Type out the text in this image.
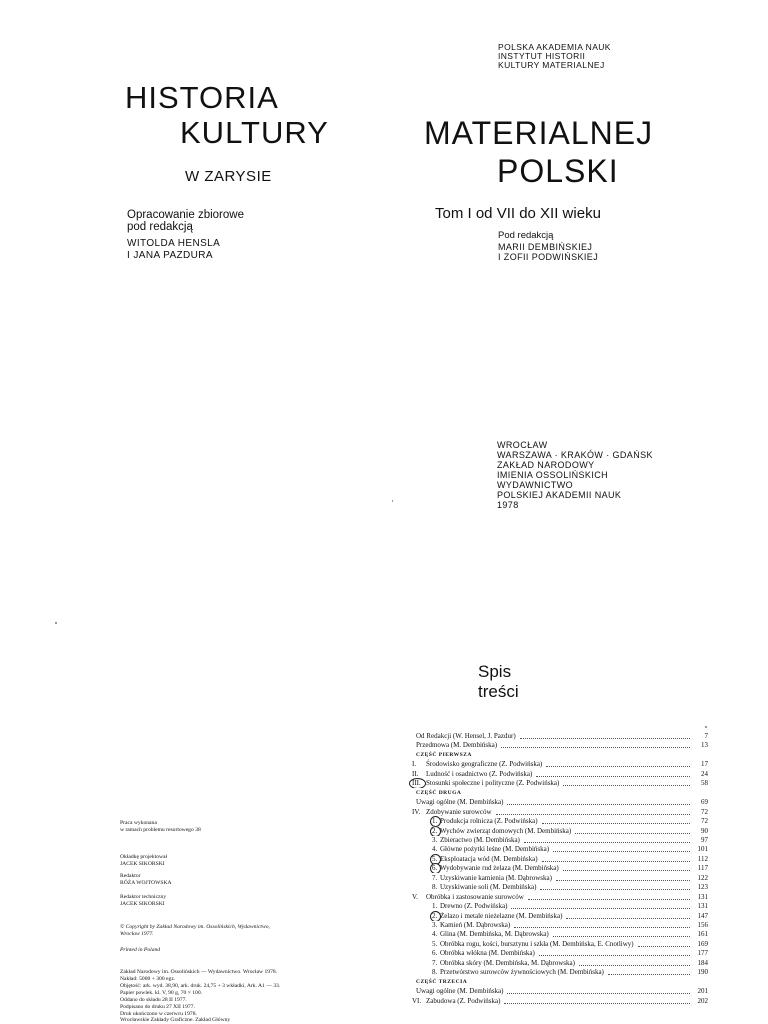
HISTORIA
KULTURY
W ZARYSIE
Opracowanie zbiorowe
pod redakcją
WITOLDA HENSLA
I JANA PAZDURA
POLSKA AKADEMIA NAUK
INSTYTUT HISTORII
KULTURY MATERIALNEJ
MATERIALNEJ
POLSKI
Tom I od VII do XII wieku
Pod redakcją
MARII DEMBIŃSKIEJ
I ZOFII PODWIŃSKIEJ
WROCŁAW
WARSZAWA · KRAKÓW · GDAŃSK
ZAKŁAD NARODOWY
IMIENIA OSSOLIŃSKICH
WYDAWNICTWO
POLSKIEJ AKADEMII NAUK
1978
Spis
treści
Od Redakcji (W. Hensel, J. Pazdur)	7
Przedmowa (M. Dembińska)	13
CZĘŚĆ PIERWSZA
I. Środowisko geograficzne (Z. Podwińska)	17
II. Ludność i osadnictwo (Z. Podwińska)	24
III. Stosunki społeczne i polityczne (Z. Podwińska)	58
CZĘŚĆ DRUGA
Uwagi ogólne (M. Dembińska)	69
IV. Zdobywanie surowców	72
1. Produkcja rolnicza (Z. Podwińska)	72
2. Wychów zwierząt domowych (M. Dembińska)	90
3. Zbieractwo (M. Dembińska)	97
4. Główne pożytki leśne (M. Dembińska)	101
5. Eksploatacja wód (M. Dembińska)	112
6. Wydobywanie rud żelaza (M. Dembińska)	117
7. Uzyskiwanie kamienia (M. Dąbrowska)	122
8. Uzyskiwanie soli (M. Dembińska)	123
V. Obróbka i zastosowanie surowców	131
1. Drewno (Z. Podwińska)	131
2. Żelazo i metale nieżelazne (M. Dembińska)	147
3. Kamień (M. Dąbrowska)	156
4. Glina (M. Dembińska, M. Dąbrowska)	161
5. Obróbka rogu, kości, bursztynu i szkła (M. Dembińska, E. Cnotliwy)	169
6. Obróbka włókna (M. Dembińska)	177
7. Obróbka skóry (M. Dembińska, M. Dąbrowska)	184
8. Przetwórstwo surowców żywnościowych (M. Dembińska)	190
CZĘŚĆ TRZECIA
Uwagi ogólne (M. Dembińska)	201
VI. Zabudowa (Z. Podwińska)	202
Praca wykonana
w ramach problemu resortowego 38
Okładkę projektował
JACEK SIKORSKI
Redaktor
RÓŻA WOJTOWSKA
Redaktor techniczny
JACEK SIKORSKI
© Copyright by Zakład Narodowy im. Ossolińskich, Wydawnictwo,
Wrocław 1977.
Printed in Poland
Zakład Narodowy im. Ossolińskich — Wydawnictwo. Wrocław 1978.
Nakład: 5000 + 300 egz.
Objętość: ark. wyd. 38,90, ark. druk. 24,75 + 3 wkładki, Ark. A1 — 33.
Papier powlek. kl. V, 90 g, 70 × 100.
Oddano do składu 28 II 1977.
Podpisano do druku 27 XII 1977.
Druk ukończono w czerwcu 1978.
Wrocławskie Zakłady Graficzne. Zakład Główny
